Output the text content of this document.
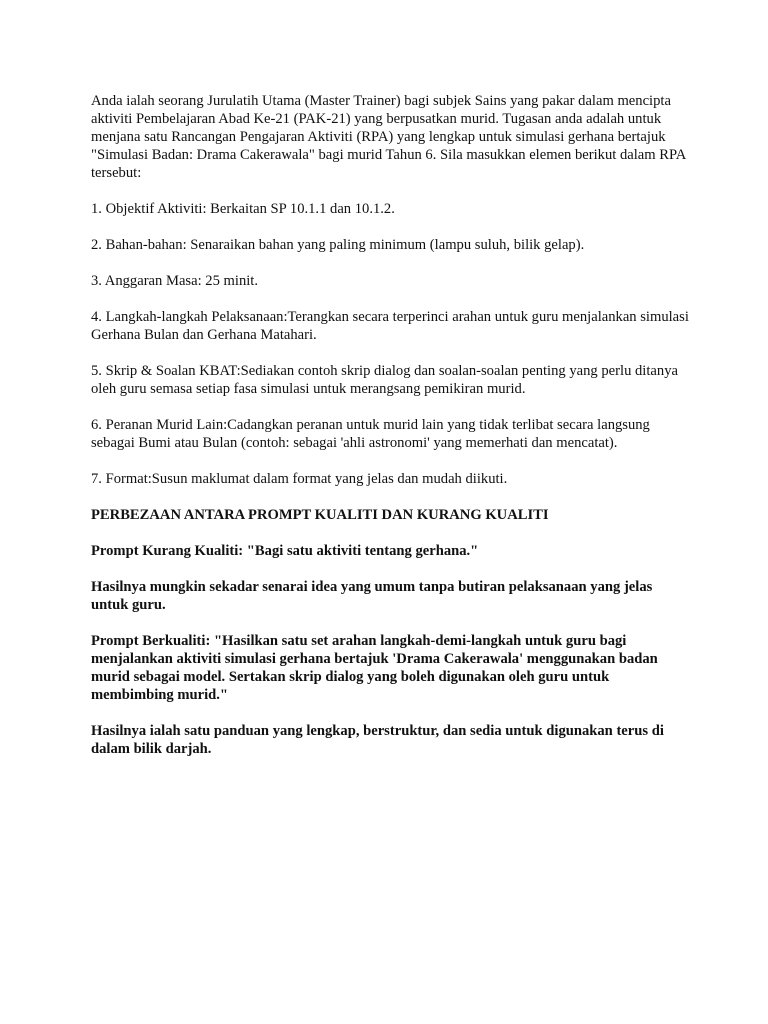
Anda ialah seorang Jurulatih Utama (Master Trainer) bagi subjek Sains yang pakar dalam mencipta aktiviti Pembelajaran Abad Ke-21 (PAK-21) yang berpusatkan murid. Tugasan anda adalah untuk menjana satu Rancangan Pengajaran Aktiviti (RPA) yang lengkap untuk simulasi gerhana bertajuk "Simulasi Badan: Drama Cakerawala" bagi murid Tahun 6. Sila masukkan elemen berikut dalam RPA tersebut:

1. Objektif Aktiviti: Berkaitan SP 10.1.1 dan 10.1.2.

2. Bahan-bahan: Senaraikan bahan yang paling minimum (lampu suluh, bilik gelap).

3. Anggaran Masa: 25 minit.

4. Langkah-langkah Pelaksanaan:Terangkan secara terperinci arahan untuk guru menjalankan simulasi Gerhana Bulan dan Gerhana Matahari.

5. Skrip & Soalan KBAT:Sediakan contoh skrip dialog dan soalan-soalan penting yang perlu ditanya oleh guru semasa setiap fasa simulasi untuk merangsang pemikiran murid.

6. Peranan Murid Lain:Cadangkan peranan untuk murid lain yang tidak terlibat secara langsung sebagai Bumi atau Bulan (contoh: sebagai 'ahli astronomi' yang memerhati dan mencatat).

7. Format:Susun maklumat dalam format yang jelas dan mudah diikuti.

PERBEZAAN ANTARA PROMPT KUALITI DAN KURANG KUALITI

Prompt Kurang Kualiti: "Bagi satu aktiviti tentang gerhana."

Hasilnya mungkin sekadar senarai idea yang umum tanpa butiran pelaksanaan yang jelas untuk guru.

Prompt Berkualiti: "Hasilkan satu set arahan langkah-demi-langkah untuk guru bagi menjalankan aktiviti simulasi gerhana bertajuk 'Drama Cakerawala' menggunakan badan murid sebagai model. Sertakan skrip dialog yang boleh digunakan oleh guru untuk membimbing murid."

Hasilnya ialah satu panduan yang lengkap, berstruktur, dan sedia untuk digunakan terus di dalam bilik darjah.
